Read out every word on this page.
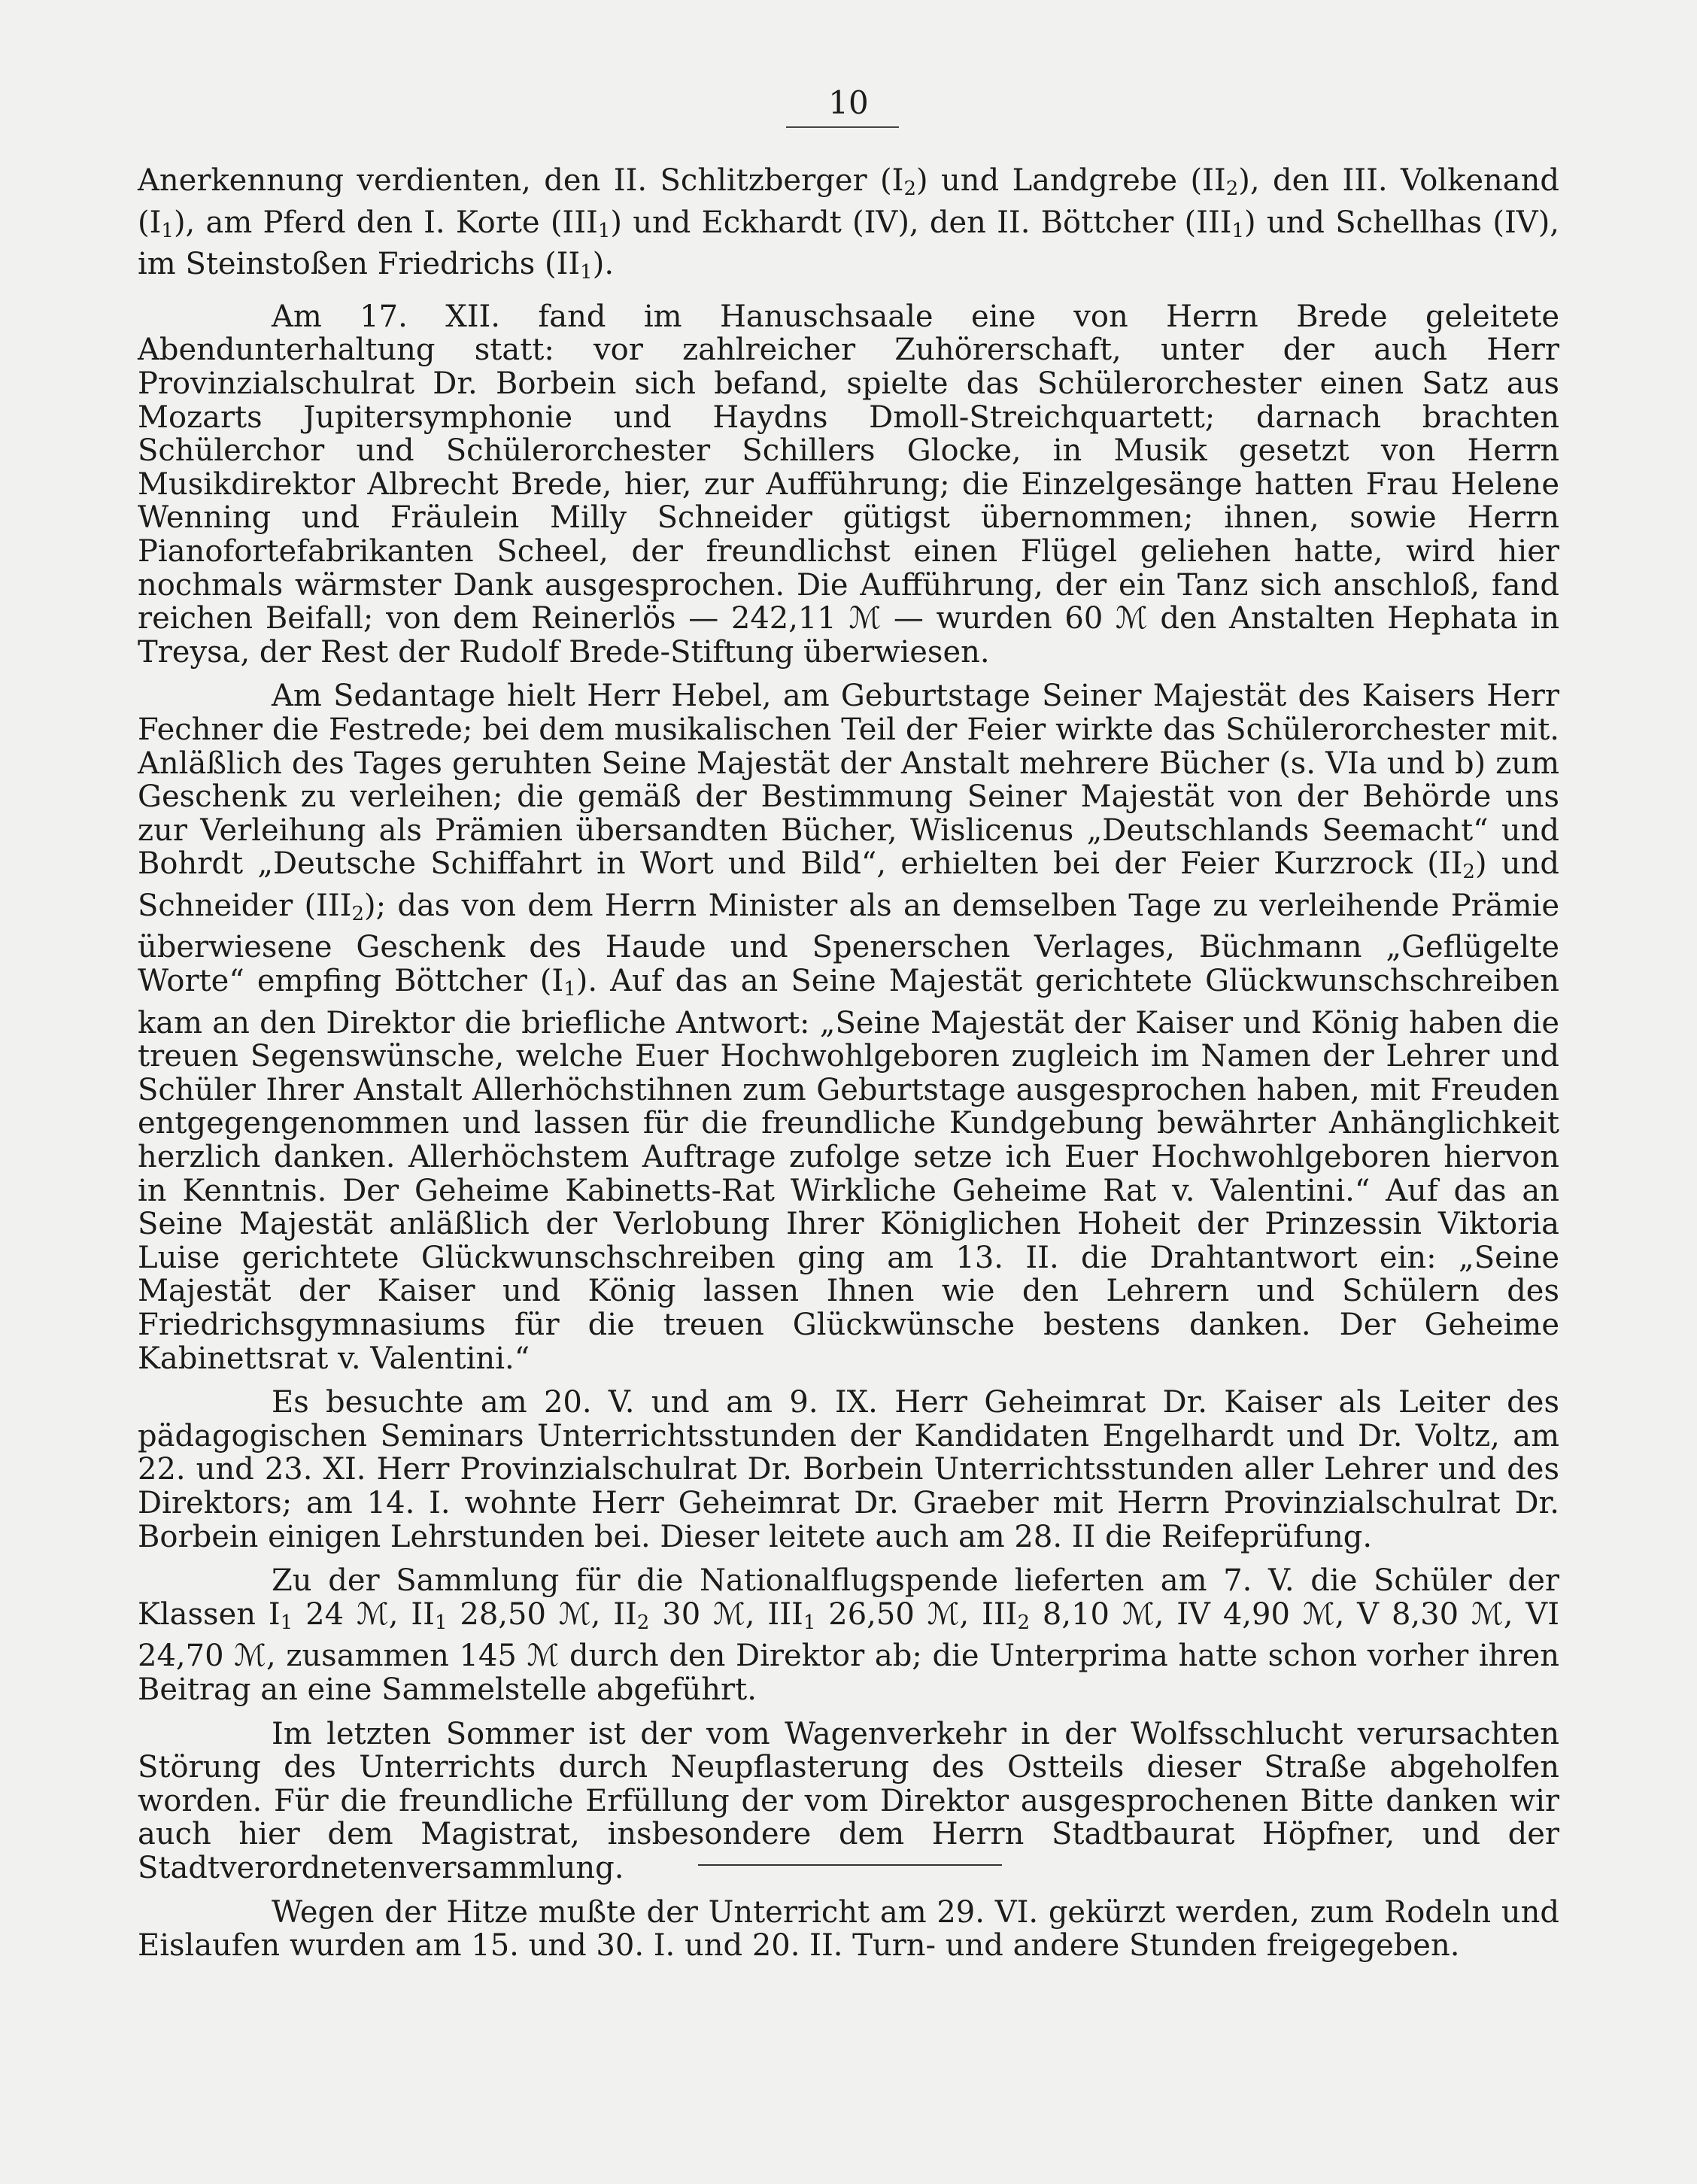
10

Anerkennung verdienten, den II. Schlitzberger $(I_2)$ und Landgrebe $(II_2)$, den III. Volkenand $(I_1)$, am Pferd den I. Korte $(III_1)$ und Eckhardt (IV), den II. Böttcher $(III_1)$ und Schellhas (IV), im Steinstoßen Friedrichs $(II_1)$.

Am 17. XII. fand im Hanuschsaale eine von Herrn Brede geleitete Abendunterhaltung statt: vor zahlreicher Zuhörerschaft, unter der auch Herr Provinzialschulrat Dr. Borbein sich befand, spielte das Schülerorchester einen Satz aus Mozarts Jupitersymphonie und Haydns Dmoll-Streichquartett; darnach brachten Schülerchor und Schülerorchester Schillers Glocke, in Musik gesetzt von Herrn Musikdirektor Albrecht Brede, hier, zur Aufführung; die Einzelgesänge hatten Frau Helene Wenning und Fräulein Milly Schneider gütigst übernommen; ihnen, sowie Herrn Pianofortefabrikanten Scheel, der freundlichst einen Flügel geliehen hatte, wird hier nochmals wärmster Dank ausgesprochen. Die Aufführung, der ein Tanz sich anschloß, fand reichen Beifall; von dem Reinerlös — 242,11 ℳ — wurden 60 ℳ den Anstalten Hephata in Treysa, der Rest der Rudolf Brede-Stiftung überwiesen.

Am Sedantage hielt Herr Hebel, am Geburtstage Seiner Majestät des Kaisers Herr Fechner die Festrede; bei dem musikalischen Teil der Feier wirkte das Schülerorchester mit. Anläßlich des Tages geruhten Seine Majestät der Anstalt mehrere Bücher (s. VIa und b) zum Geschenk zu verleihen; die gemäß der Bestimmung Seiner Majestät von der Behörde uns zur Verleihung als Prämien übersandten Bücher, Wislicenus „Deutschlands Seemacht“ und Bohrdt „Deutsche Schiffahrt in Wort und Bild“, erhielten bei der Feier Kurzrock $(II_2)$ und Schneider $(III_2)$; das von dem Herrn Minister als an demselben Tage zu verleihende Prämie überwiesene Geschenk des Haude und Spenerschen Verlages, Büchmann „Geflügelte Worte“ empfing Böttcher $(I_1)$. Auf das an Seine Majestät gerichtete Glückwunschschreiben kam an den Direktor die briefliche Antwort: „Seine Majestät der Kaiser und König haben die treuen Segenswünsche, welche Euer Hochwohlgeboren zugleich im Namen der Lehrer und Schüler Ihrer Anstalt Allerhöchstihnen zum Geburtstage ausgesprochen haben, mit Freuden entgegengenommen und lassen für die freundliche Kundgebung bewährter Anhänglichkeit herzlich danken. Allerhöchstem Auftrage zufolge setze ich Euer Hochwohlgeboren hiervon in Kenntnis. Der Geheime Kabinetts-Rat Wirkliche Geheime Rat v. Valentini.“ Auf das an Seine Majestät anläßlich der Verlobung Ihrer Königlichen Hoheit der Prinzessin Viktoria Luise gerichtete Glückwunschschreiben ging am 13. II. die Drahtantwort ein: „Seine Majestät der Kaiser und König lassen Ihnen wie den Lehrern und Schülern des Friedrichsgymnasiums für die treuen Glückwünsche bestens danken. Der Geheime Kabinettsrat v. Valentini.“

Es besuchte am 20. V. und am 9. IX. Herr Geheimrat Dr. Kaiser als Leiter des pädagogischen Seminars Unterrichtsstunden der Kandidaten Engelhardt und Dr. Voltz, am 22. und 23. XI. Herr Provinzialschulrat Dr. Borbein Unterrichtsstunden aller Lehrer und des Direktors; am 14. I. wohnte Herr Geheimrat Dr. Graeber mit Herrn Provinzialschulrat Dr. Borbein einigen Lehrstunden bei. Dieser leitete auch am 28. II die Reifeprüfung.

Zu der Sammlung für die Nationalflugspende lieferten am 7. V. die Schüler der Klassen $I_1$ 24 ℳ, $II_1$ 28,50 ℳ, $II_2$ 30 ℳ, $III_1$ 26,50 ℳ, $III_2$ 8,10 ℳ, IV 4,90 ℳ, V 8,30 ℳ, VI 24,70 ℳ, zusammen 145 ℳ durch den Direktor ab; die Unterprima hatte schon vorher ihren Beitrag an eine Sammelstelle abgeführt.

Im letzten Sommer ist der vom Wagenverkehr in der Wolfsschlucht verursachten Störung des Unterrichts durch Neupflasterung des Ostteils dieser Straße abgeholfen worden. Für die freundliche Erfüllung der vom Direktor ausgesprochenen Bitte danken wir auch hier dem Magistrat, insbesondere dem Herrn Stadtbaurat Höpfner, und der Stadtverordnetenversammlung.

Wegen der Hitze mußte der Unterricht am 29. VI. gekürzt werden, zum Rodeln und Eislaufen wurden am 15. und 30. I. und 20. II. Turn- und andere Stunden freigegeben.
